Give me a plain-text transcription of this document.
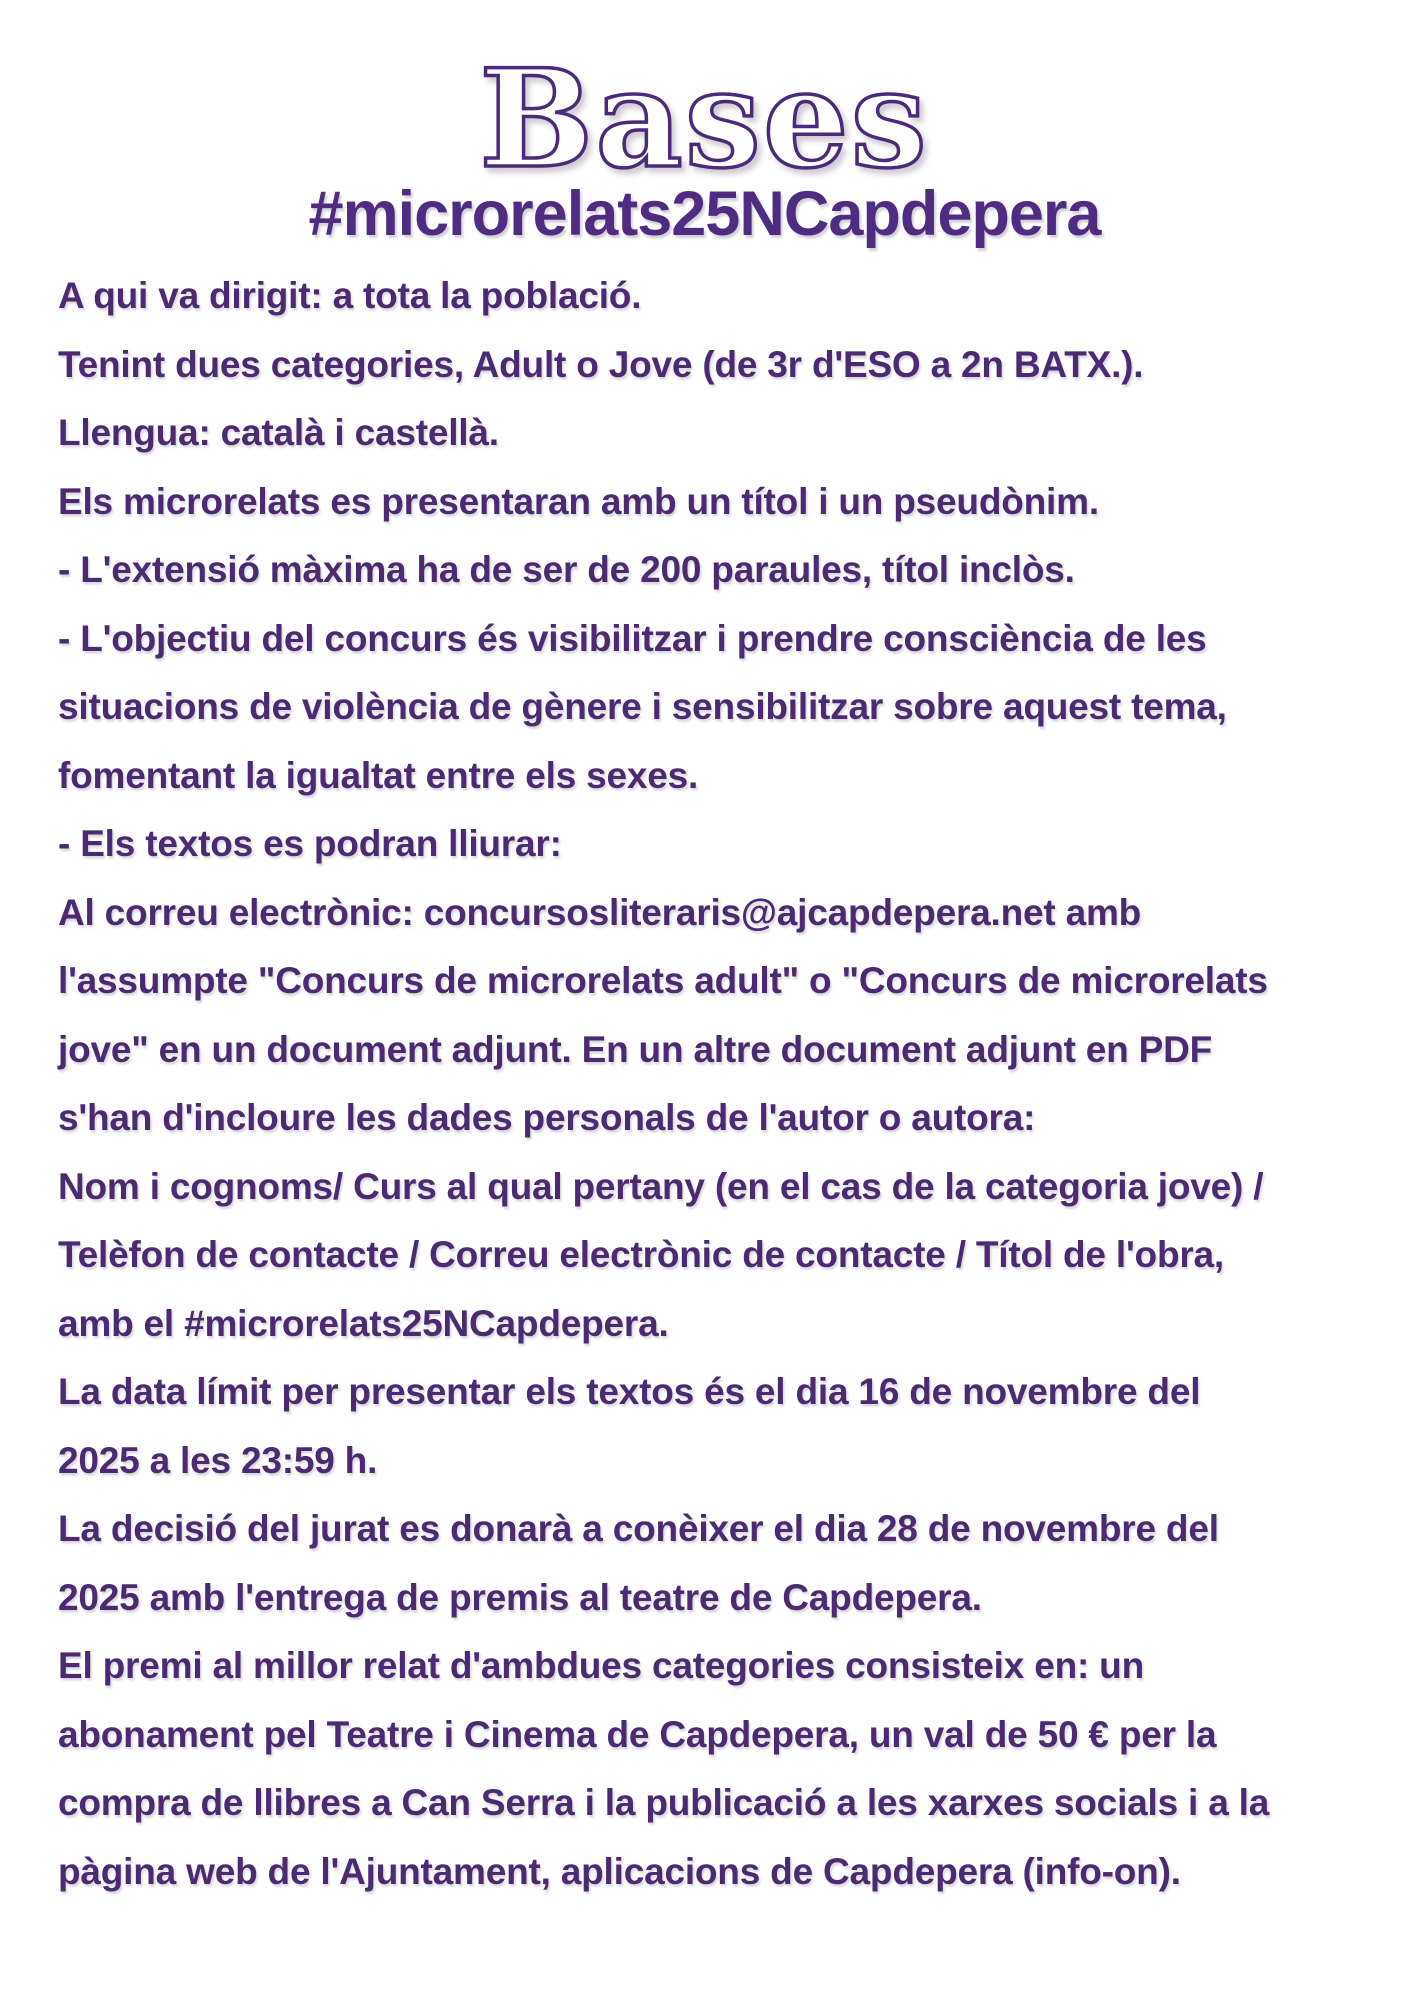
Bases
#microrelats25NCapdepera
A qui va dirigit: a tota la població.
Tenint dues categories, Adult o Jove (de 3r d'ESO a 2n BATX.).
Llengua: català i castellà.
Els microrelats es presentaran amb un títol i un pseudònim.
- L'extensió màxima ha de ser de 200 paraules, títol inclòs.
- L'objectiu del concurs és visibilitzar i prendre consciència de les
situacions de violència de gènere i sensibilitzar sobre aquest tema,
fomentant la igualtat entre els sexes.
- Els textos es podran lliurar:
Al correu electrònic: concursosliteraris@ajcapdepera.net amb
l'assumpte "Concurs de microrelats adult" o "Concurs de microrelats
jove" en un document adjunt. En un altre document adjunt en PDF
s'han d'incloure les dades personals de l'autor o autora:
Nom i cognoms/ Curs al qual pertany (en el cas de la categoria jove) /
Telèfon de contacte / Correu electrònic de contacte / Títol de l'obra,
amb el #microrelats25NCapdepera.
La data límit per presentar els textos és el dia 16 de novembre del
2025 a les 23:59 h.
La decisió del jurat es donarà a conèixer el dia 28 de novembre del
2025 amb l'entrega de premis al teatre de Capdepera.
El premi al millor relat d'ambdues categories consisteix en: un
abonament pel Teatre i Cinema de Capdepera, un val de 50 € per la
compra de llibres a Can Serra i la publicació a les xarxes socials i a la
pàgina web de l'Ajuntament, aplicacions de Capdepera (info-on).
